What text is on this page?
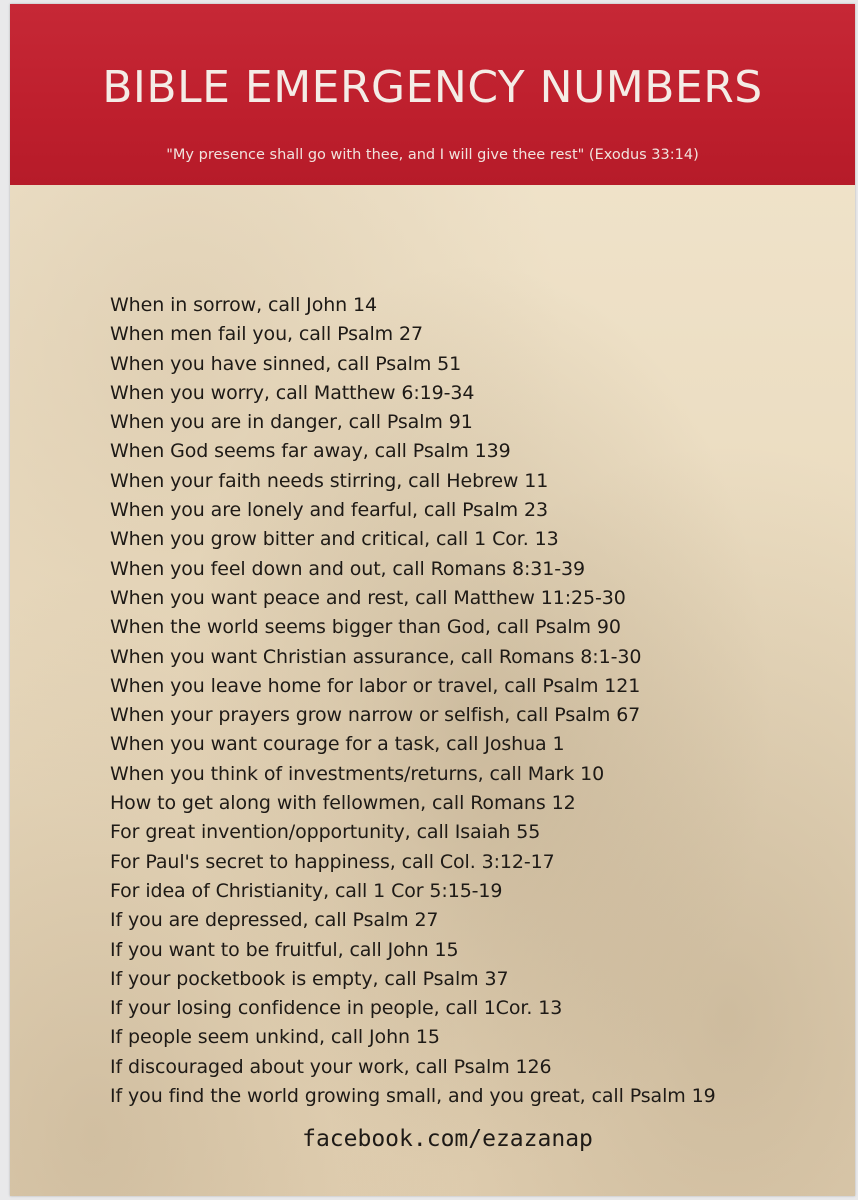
BIBLE EMERGENCY NUMBERS
"My presence shall go with thee, and I will give thee rest" (Exodus 33:14)
When in sorrow, call John 14
When men fail you, call Psalm 27
When you have sinned, call Psalm 51
When you worry, call Matthew 6:19-34
When you are in danger, call Psalm 91
When God seems far away, call Psalm 139
When your faith needs stirring, call Hebrew 11
When you are lonely and fearful, call Psalm 23
When you grow bitter and critical, call 1 Cor. 13
When you feel down and out, call Romans 8:31-39
When you want peace and rest, call Matthew 11:25-30
When the world seems bigger than God, call Psalm 90
When you want Christian assurance, call Romans 8:1-30
When you leave home for labor or travel, call Psalm 121
When your prayers grow narrow or selfish, call Psalm 67
When you want courage for a task, call Joshua 1
When you think of investments/returns, call Mark 10
How to get along with fellowmen, call Romans 12
For great invention/opportunity, call Isaiah 55
For Paul's secret to happiness, call Col. 3:12-17
For idea of Christianity, call 1 Cor 5:15-19
If you are depressed, call Psalm 27
If you want to be fruitful, call John 15
If your pocketbook is empty, call Psalm 37
If your losing confidence in people, call 1Cor. 13
If people seem unkind, call John 15
If discouraged about your work, call Psalm 126
If you find the world growing small, and you great, call Psalm 19
facebook.com/ezazanap
